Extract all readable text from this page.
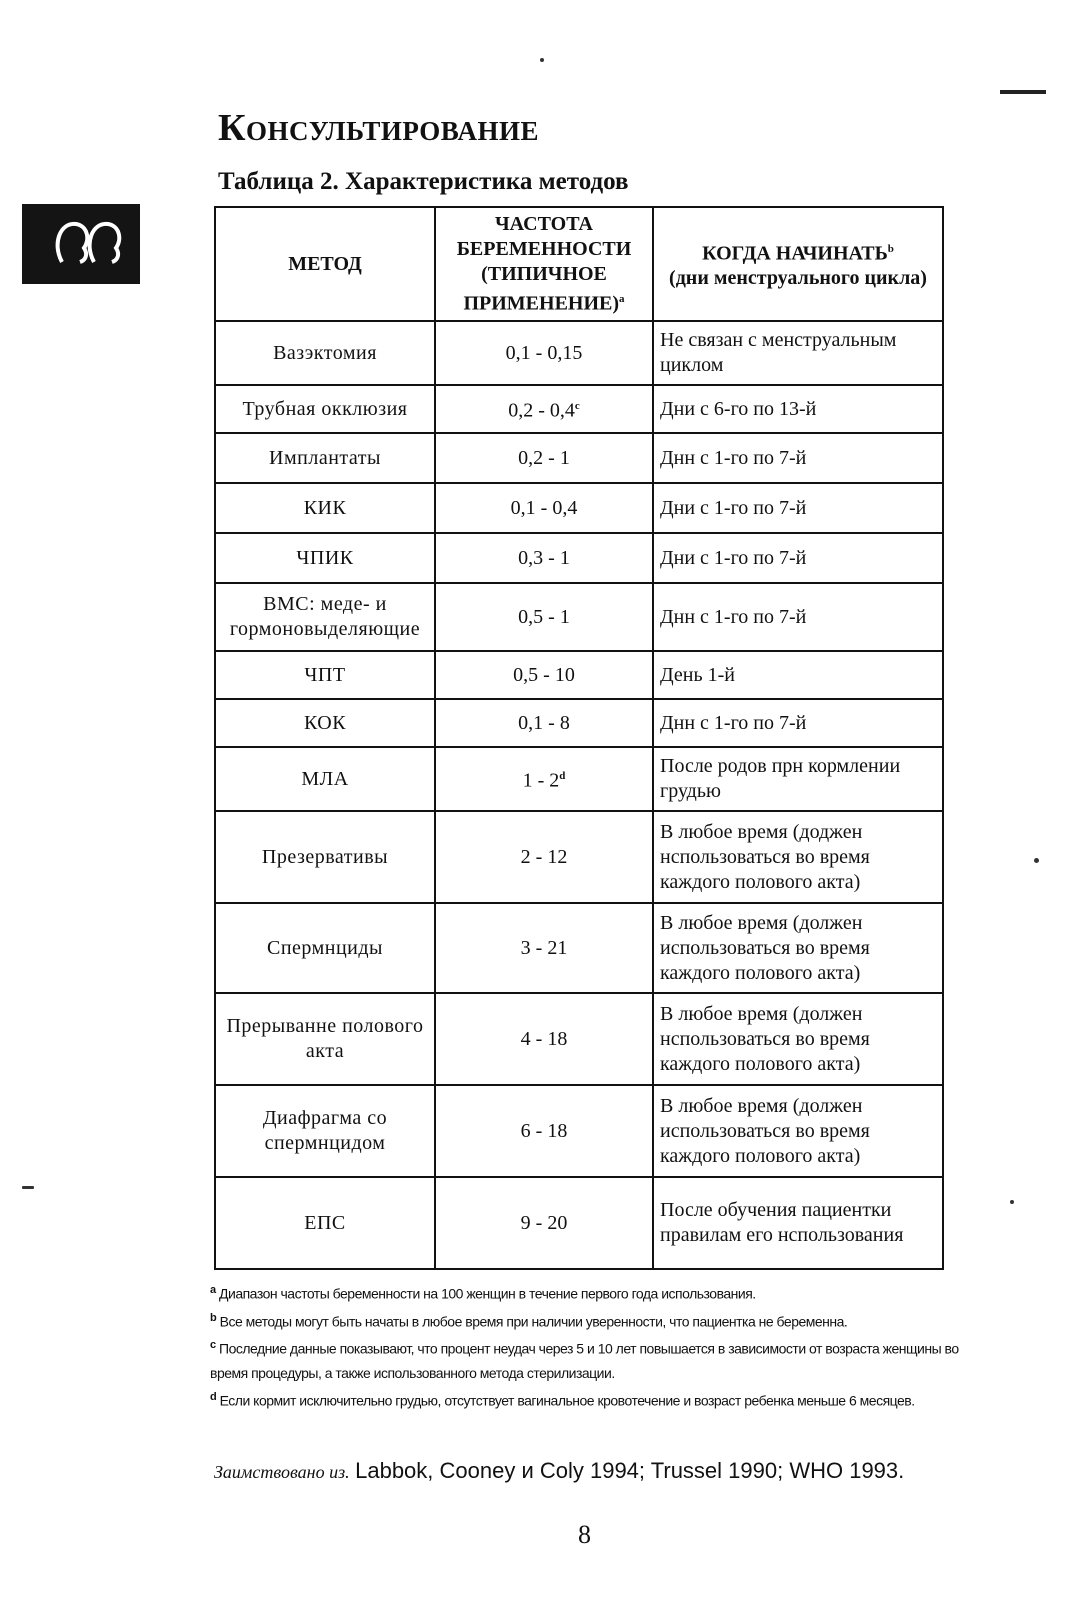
Консультирование
Таблица 2. Характеристика методов
МЕТОД	ЧАСТОТА БЕРЕМЕННОСТИ (ТИПИЧНОЕ ПРИМЕНЕНИЕ)$^a$	КОГДА НАЧИНАТЬ$^b$
(дни менструального цикла)
Вазэктомия	0,1 - 0,15	Не связан с менструальным циклом
Трубная окклюзия	0,2 - 0,4$^c$	Дни с 6-го по 13-й
Имплантаты	0,2 - 1	Днн с 1-го по 7-й
КИК	0,1 - 0,4	Дни с 1-го по 7-й
ЧПИК	0,3 - 1	Дни с 1-го по 7-й
ВМС: меде- и гормоновыделяющие	0,5 - 1	Днн с 1-го по 7-й
ЧПТ	0,5 - 10	День 1-й
КОК	0,1 - 8	Днн с 1-го по 7-й
МЛА	1 - 2$^d$	После родов прн кормлении грудью
Презервативы	2 - 12	В любое время (доджен нспользоваться во время каждого полового акта)
Спермнциды	3 - 21	В любое время (должен использоваться во время каждого полового акта)
Прерыванне полового акта	4 - 18	В любое время (должен нспользоваться во время каждого полового акта)
Диафрагма со спермнцидом	6 - 18	В любое время (должен использоваться во время каждого полового акта)
ЕПС	9 - 20	После обучения пациентки правилам его нспользования

$^a$ Диапазон частоты беременности на 100 женщин в течение первого года использования.

$^b$ Все методы могут быть начаты в любое время при наличии уверенности, что пациентка не беременна.

$^c$ Последние данные показывают, что процент неудач через 5 и 10 лет повышается в зависимости от возраста женщины во время процедуры, а также использованного метода стерилизации.

$^d$ Если кормит исключительно грудью, отсутствует вагинальное кровотечение и возраст ребенка меньше 6 месяцев.

Заимствовано из. Labbok, Cooney и Coly 1994; Trussel 1990; WHO 1993.
8
